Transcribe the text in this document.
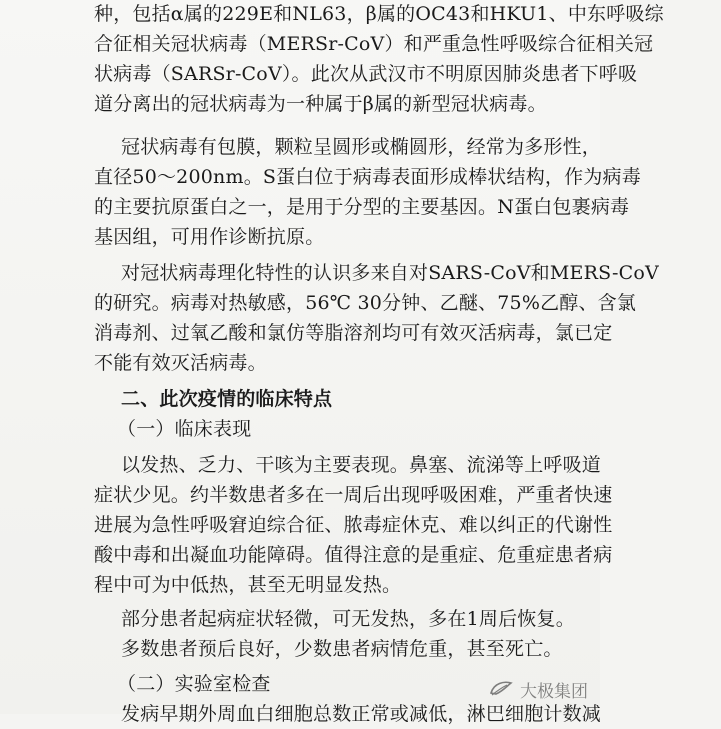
种，包括α属的229E和NL63，β属的OC43和HKU1、中东呼吸综
合征相关冠状病毒（MERSr-CoV）和严重急性呼吸综合征相关冠
状病毒（SARSr-CoV）。此次从武汉市不明原因肺炎患者下呼吸
道分离出的冠状病毒为一种属于β属的新型冠状病毒。
冠状病毒有包膜，颗粒呈圆形或椭圆形，经常为多形性，
直径50～200nm。S蛋白位于病毒表面形成棒状结构，作为病毒
的主要抗原蛋白之一，是用于分型的主要基因。N蛋白包裹病毒
基因组，可用作诊断抗原。
对冠状病毒理化特性的认识多来自对SARS-CoV和MERS-CoV
的研究。病毒对热敏感，56℃ 30分钟、乙醚、75%乙醇、含氯
消毒剂、过氧乙酸和氯仿等脂溶剂均可有效灭活病毒，氯已定
不能有效灭活病毒。
二、此次疫情的临床特点
（一）临床表现
以发热、乏力、干咳为主要表现。鼻塞、流涕等上呼吸道
症状少见。约半数患者多在一周后出现呼吸困难，严重者快速
进展为急性呼吸窘迫综合征、脓毒症休克、难以纠正的代谢性
酸中毒和出凝血功能障碍。值得注意的是重症、危重症患者病
程中可为中低热，甚至无明显发热。
部分患者起病症状轻微，可无发热，多在1周后恢复。
多数患者预后良好，少数患者病情危重，甚至死亡。
（二）实验室检查
发病早期外周血白细胞总数正常或减低，淋巴细胞计数减
大极集团
